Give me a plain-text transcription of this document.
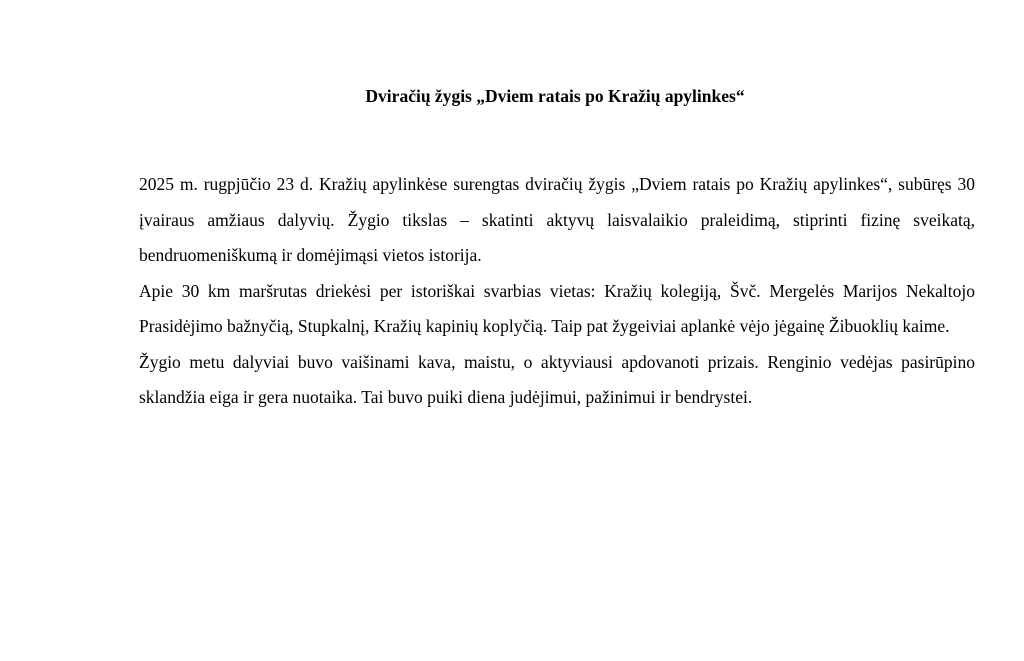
Dviračių žygis „Dviem ratais po Kražių apylinkes“

2025 m. rugpjūčio 23 d. Kražių apylinkėse surengtas dviračių žygis „Dviem ratais po Kražių apylinkes“, subūręs 30 įvairaus amžiaus dalyvių. Žygio tikslas – skatinti aktyvų laisvalaikio praleidimą, stiprinti fizinę sveikatą, bendruomeniškumą ir domėjimąsi vietos istorija.

Apie 30 km maršrutas driekėsi per istoriškai svarbias vietas: Kražių kolegiją, Švč. Mergelės Marijos Nekaltojo Prasidėjimo bažnyčią, Stupkalnį, Kražių kapinių koplyčią. Taip pat žygeiviai aplankė vėjo jėgainę Žibuoklių kaime.

Žygio metu dalyviai buvo vaišinami kava, maistu, o aktyviausi apdovanoti prizais. Renginio vedėjas pasirūpino sklandžia eiga ir gera nuotaika. Tai buvo puiki diena judėjimui, pažinimui ir bendrystei.
